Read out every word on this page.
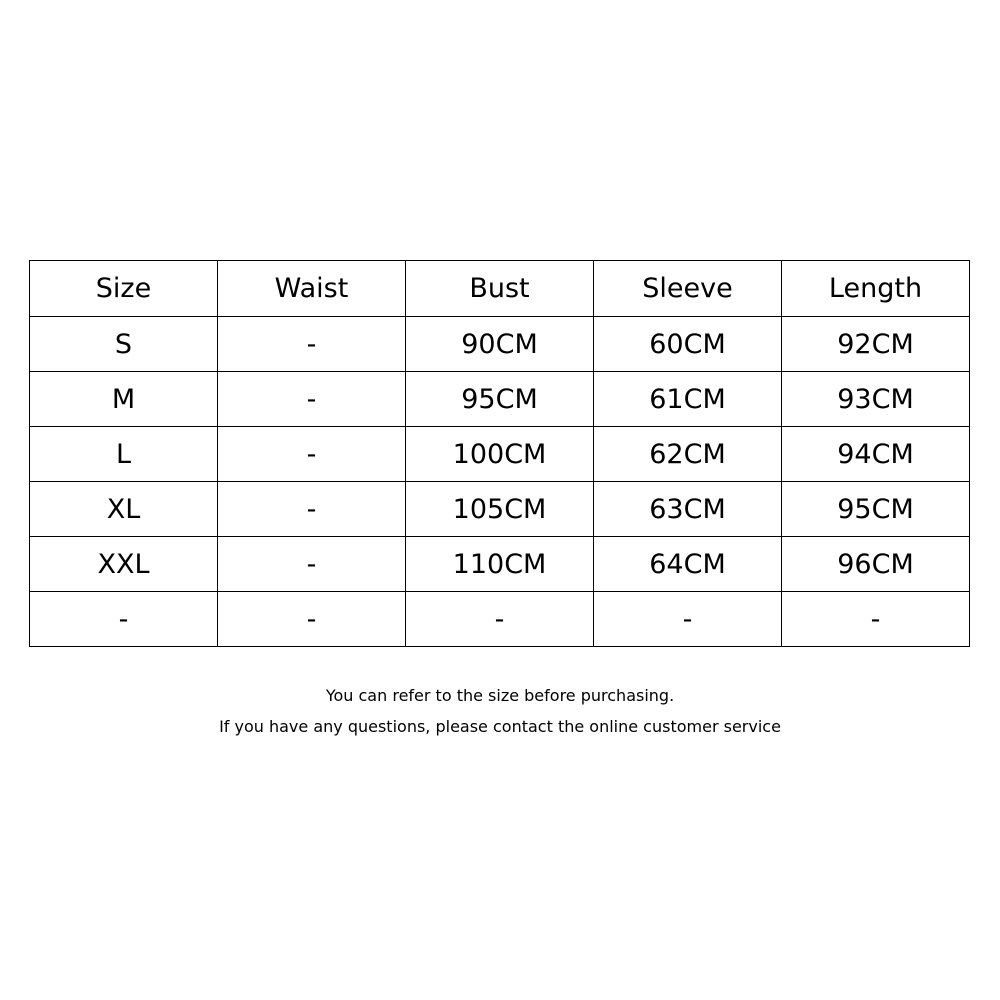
Size	Waist	Bust	Sleeve	Length
S	-	90CM	60CM	92CM
M	-	95CM	61CM	93CM
L	-	100CM	62CM	94CM
XL	-	105CM	63CM	95CM
XXL	-	110CM	64CM	96CM
-	-	-	-	-
You can refer to the size before purchasing.
If you have any questions, please contact the online customer service
